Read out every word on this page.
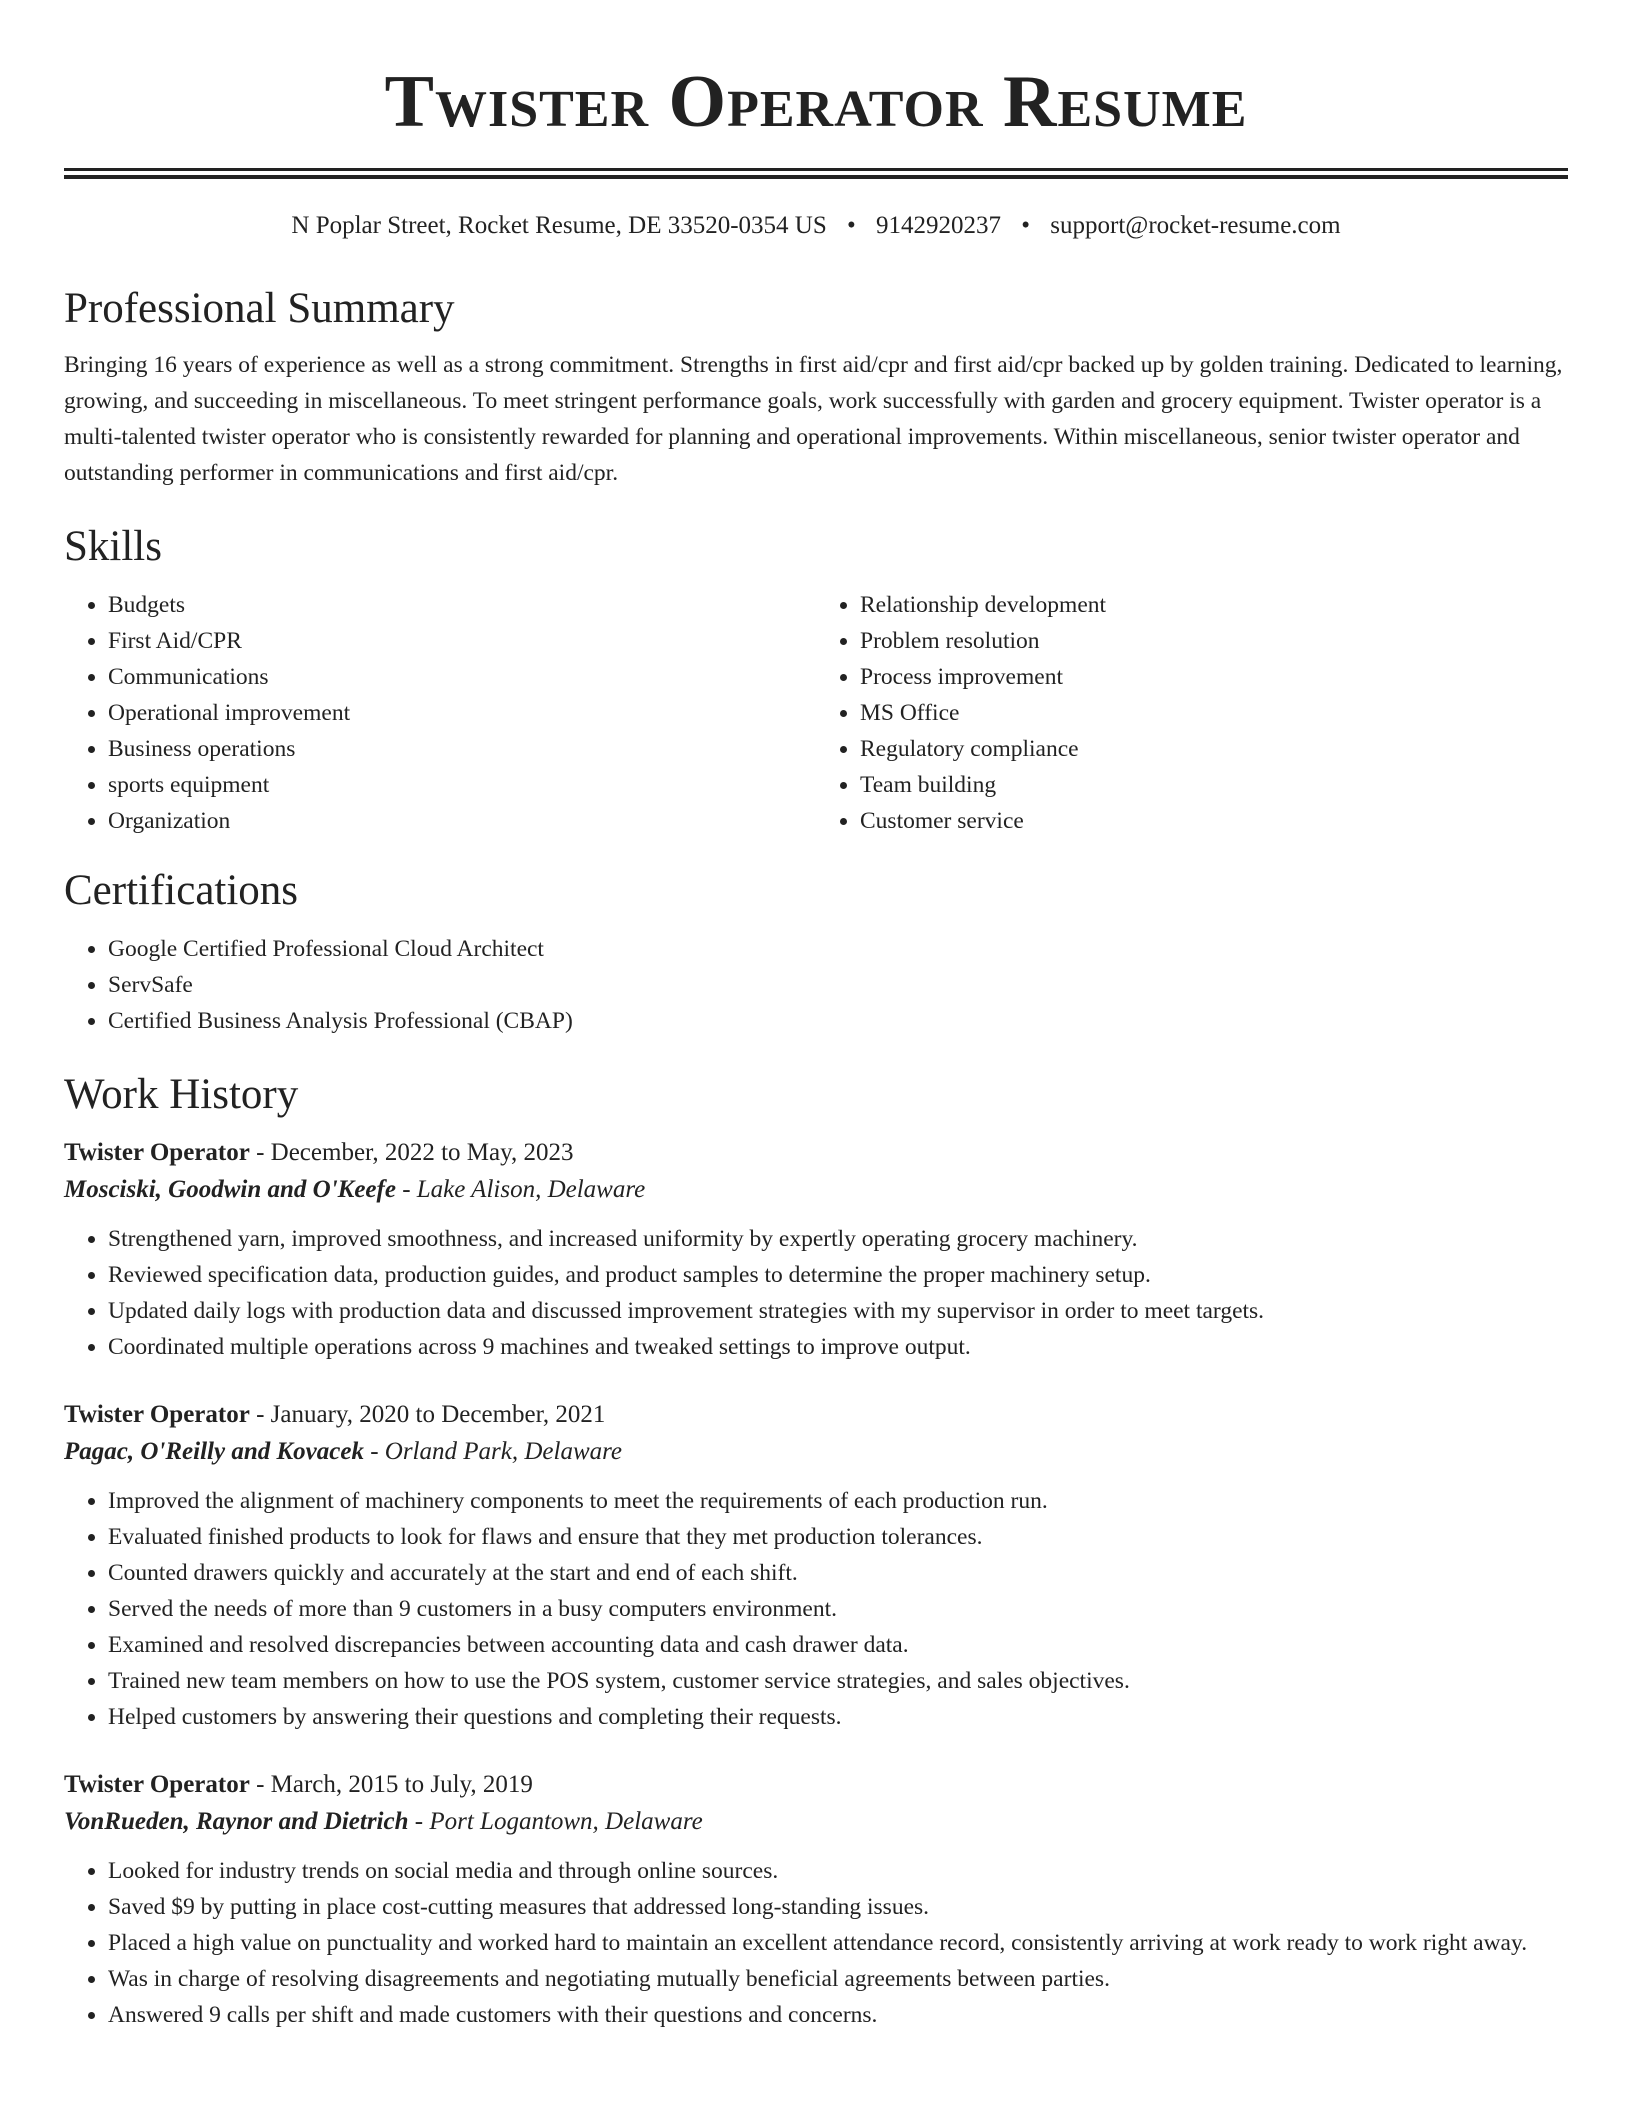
Twister Operator Resume
N Poplar Street, Rocket Resume, DE 33520-0354 US • 9142920237 • support@rocket-resume.com
Professional Summary
Bringing 16 years of experience as well as a strong commitment. Strengths in first aid/cpr and first aid/cpr backed up by golden training. Dedicated to learning, growing, and succeeding in miscellaneous. To meet stringent performance goals, work successfully with garden and grocery equipment. Twister operator is a multi-talented twister operator who is consistently rewarded for planning and operational improvements. Within miscellaneous, senior twister operator and outstanding performer in communications and first aid/cpr.
Skills
• Budgets
• First Aid/CPR
• Communications
• Operational improvement
• Business operations
• sports equipment
• Organization
• Relationship development
• Problem resolution
• Process improvement
• MS Office
• Regulatory compliance
• Team building
• Customer service
Certifications
• Google Certified Professional Cloud Architect
• ServSafe
• Certified Business Analysis Professional (CBAP)
Work History
Twister Operator - December, 2022 to May, 2023
Mosciski, Goodwin and O'Keefe - Lake Alison, Delaware
• Strengthened yarn, improved smoothness, and increased uniformity by expertly operating grocery machinery.
• Reviewed specification data, production guides, and product samples to determine the proper machinery setup.
• Updated daily logs with production data and discussed improvement strategies with my supervisor in order to meet targets.
• Coordinated multiple operations across 9 machines and tweaked settings to improve output.
Twister Operator - January, 2020 to December, 2021
Pagac, O'Reilly and Kovacek - Orland Park, Delaware
• Improved the alignment of machinery components to meet the requirements of each production run.
• Evaluated finished products to look for flaws and ensure that they met production tolerances.
• Counted drawers quickly and accurately at the start and end of each shift.
• Served the needs of more than 9 customers in a busy computers environment.
• Examined and resolved discrepancies between accounting data and cash drawer data.
• Trained new team members on how to use the POS system, customer service strategies, and sales objectives.
• Helped customers by answering their questions and completing their requests.
Twister Operator - March, 2015 to July, 2019
VonRueden, Raynor and Dietrich - Port Logantown, Delaware
• Looked for industry trends on social media and through online sources.
• Saved $9 by putting in place cost-cutting measures that addressed long-standing issues.
• Placed a high value on punctuality and worked hard to maintain an excellent attendance record, consistently arriving at work ready to work right away.
• Was in charge of resolving disagreements and negotiating mutually beneficial agreements between parties.
• Answered 9 calls per shift and made customers with their questions and concerns.
